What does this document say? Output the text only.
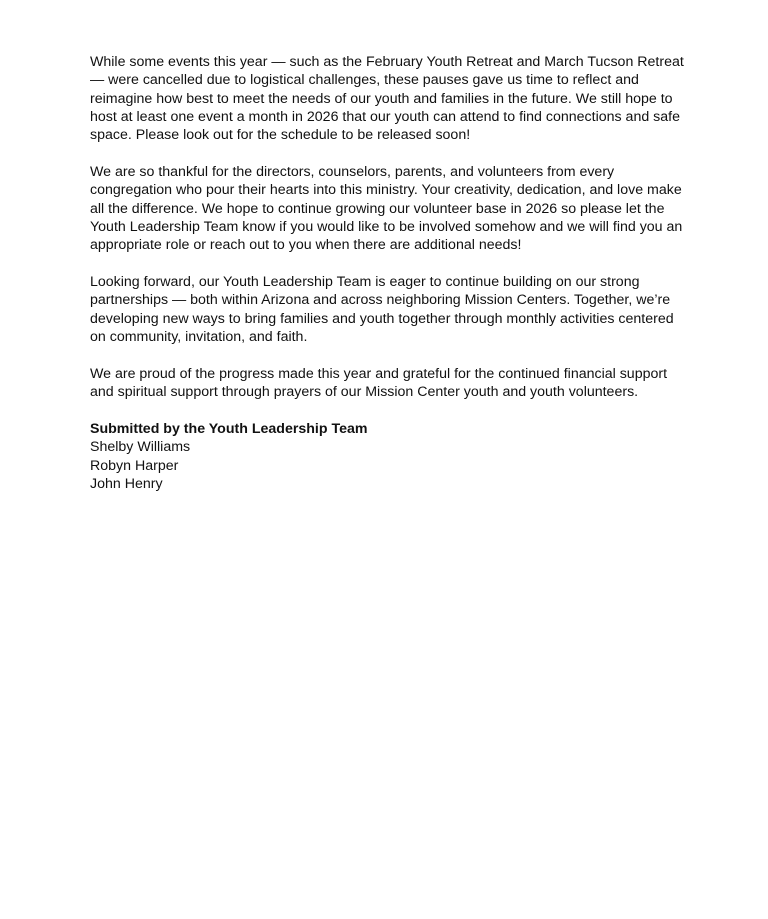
While some events this year — such as the February Youth Retreat and March Tucson Retreat — were cancelled due to logistical challenges, these pauses gave us time to reflect and reimagine how best to meet the needs of our youth and families in the future. We still hope to host at least one event a month in 2026 that our youth can attend to find connections and safe space. Please look out for the schedule to be released soon!

We are so thankful for the directors, counselors, parents, and volunteers from every congregation who pour their hearts into this ministry. Your creativity, dedication, and love make all the difference. We hope to continue growing our volunteer base in 2026 so please let the Youth Leadership Team know if you would like to be involved somehow and we will find you an appropriate role or reach out to you when there are additional needs!

Looking forward, our Youth Leadership Team is eager to continue building on our strong partnerships — both within Arizona and across neighboring Mission Centers. Together, we’re developing new ways to bring families and youth together through monthly activities centered on community, invitation, and faith.

We are proud of the progress made this year and grateful for the continued financial support and spiritual support through prayers of our Mission Center youth and youth volunteers.

Submitted by the Youth Leadership Team

Shelby Williams

Robyn Harper

John Henry
